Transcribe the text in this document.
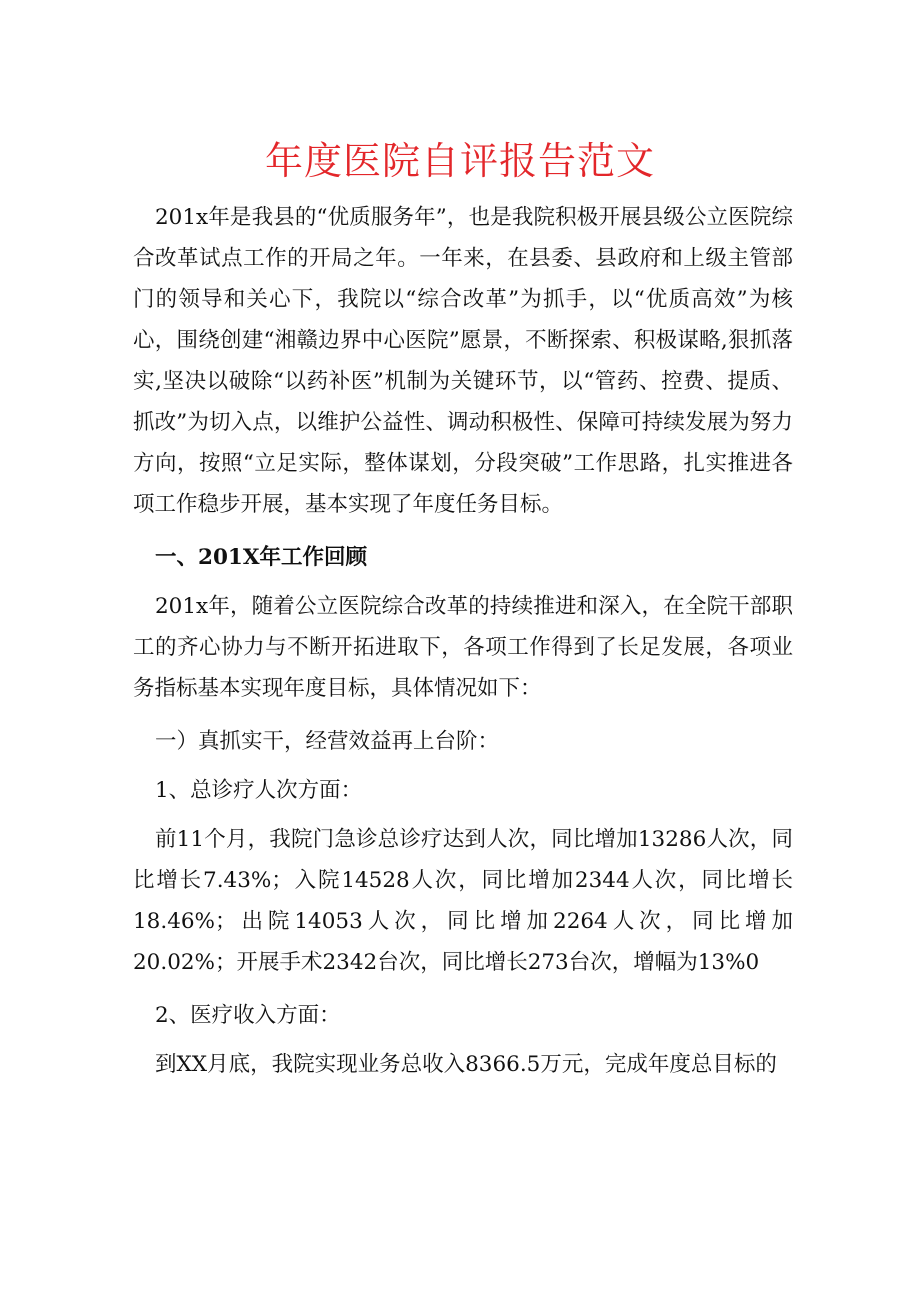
年度医院自评报告范文

201x年是我县的“优质服务年”，也是我院积极开展县级公立医院综合改革试点工作的开局之年。一年来，在县委、县政府和上级主管部门的领导和关心下，我院以“综合改革”为抓手，以“优质高效”为核心，围绕创建“湘赣边界中心医院”愿景，不断探索、积极谋略,狠抓落实,坚决以破除“以药补医”机制为关键环节，以“管药、控费、提质、抓改”为切入点，以维护公益性、调动积极性、保障可持续发展为努力方向，按照“立足实际，整体谋划，分段突破”工作思路，扎实推进各项工作稳步开展，基本实现了年度任务目标。

一、201X年工作回顾

201x年，随着公立医院综合改革的持续推进和深入，在全院干部职工的齐心协力与不断开拓进取下，各项工作得到了长足发展，各项业务指标基本实现年度目标，具体情况如下：

一）真抓实干，经营效益再上台阶：

1、总诊疗人次方面：

前11个月，我院门急诊总诊疗达到人次，同比增加13286人次，同比增长7.43%；入院14528人次，同比增加2344人次，同比增长18.46%；出院14053人次，同比增加2264人次，同比增加20.02%；开展手术2342台次，同比增长273台次，增幅为13%0

2、医疗收入方面：

到XX月底，我院实现业务总收入8366.5万元，完成年度总目标的
